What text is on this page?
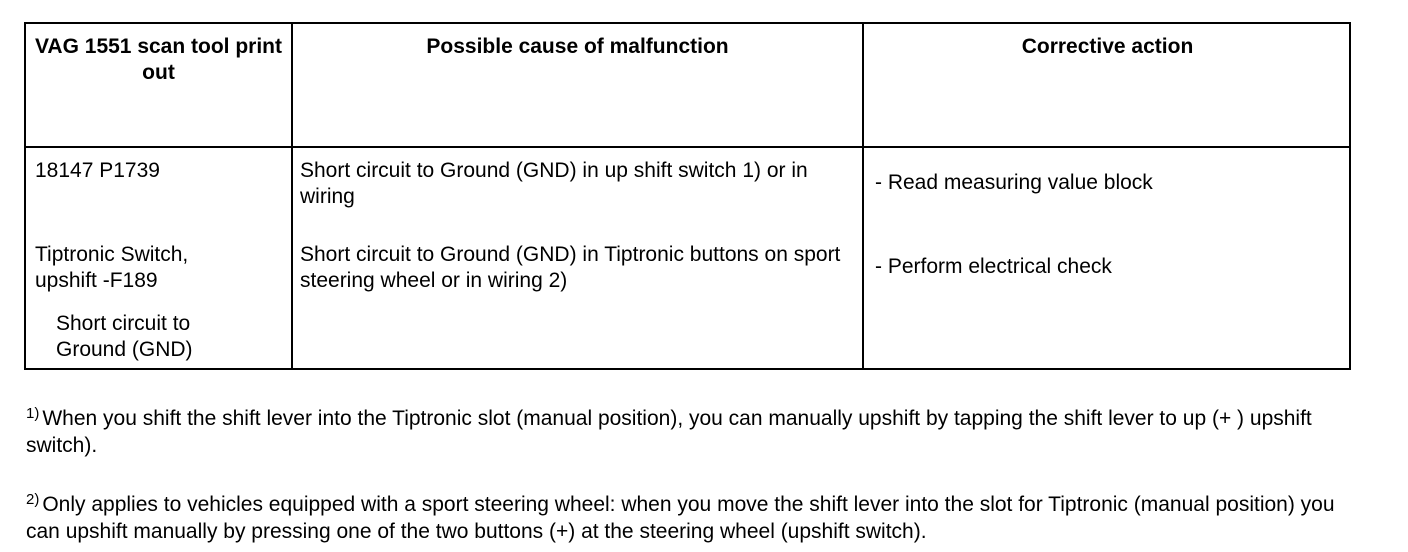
VAG 1551 scan tool print out
Possible cause of malfunction	Corrective action
18147 P1739
Tiptronic Switch, upshift -F189
Short circuit to Ground (GND)
Short circuit to Ground (GND) in up shift switch 1) or in wiring
Short circuit to Ground (GND) in Tiptronic buttons on sport steering wheel or in wiring 2)
- Read measuring value block
- Perform electrical check
$^{1)}$ When you shift the shift lever into the Tiptronic slot (manual position), you can manually upshift by tapping the shift lever to up (+ ) upshift switch).
$^{2)}$ Only applies to vehicles equipped with a sport steering wheel: when you move the shift lever into the slot for Tiptronic (manual position) you can upshift manually by pressing one of the two buttons (+) at the steering wheel (upshift switch).
